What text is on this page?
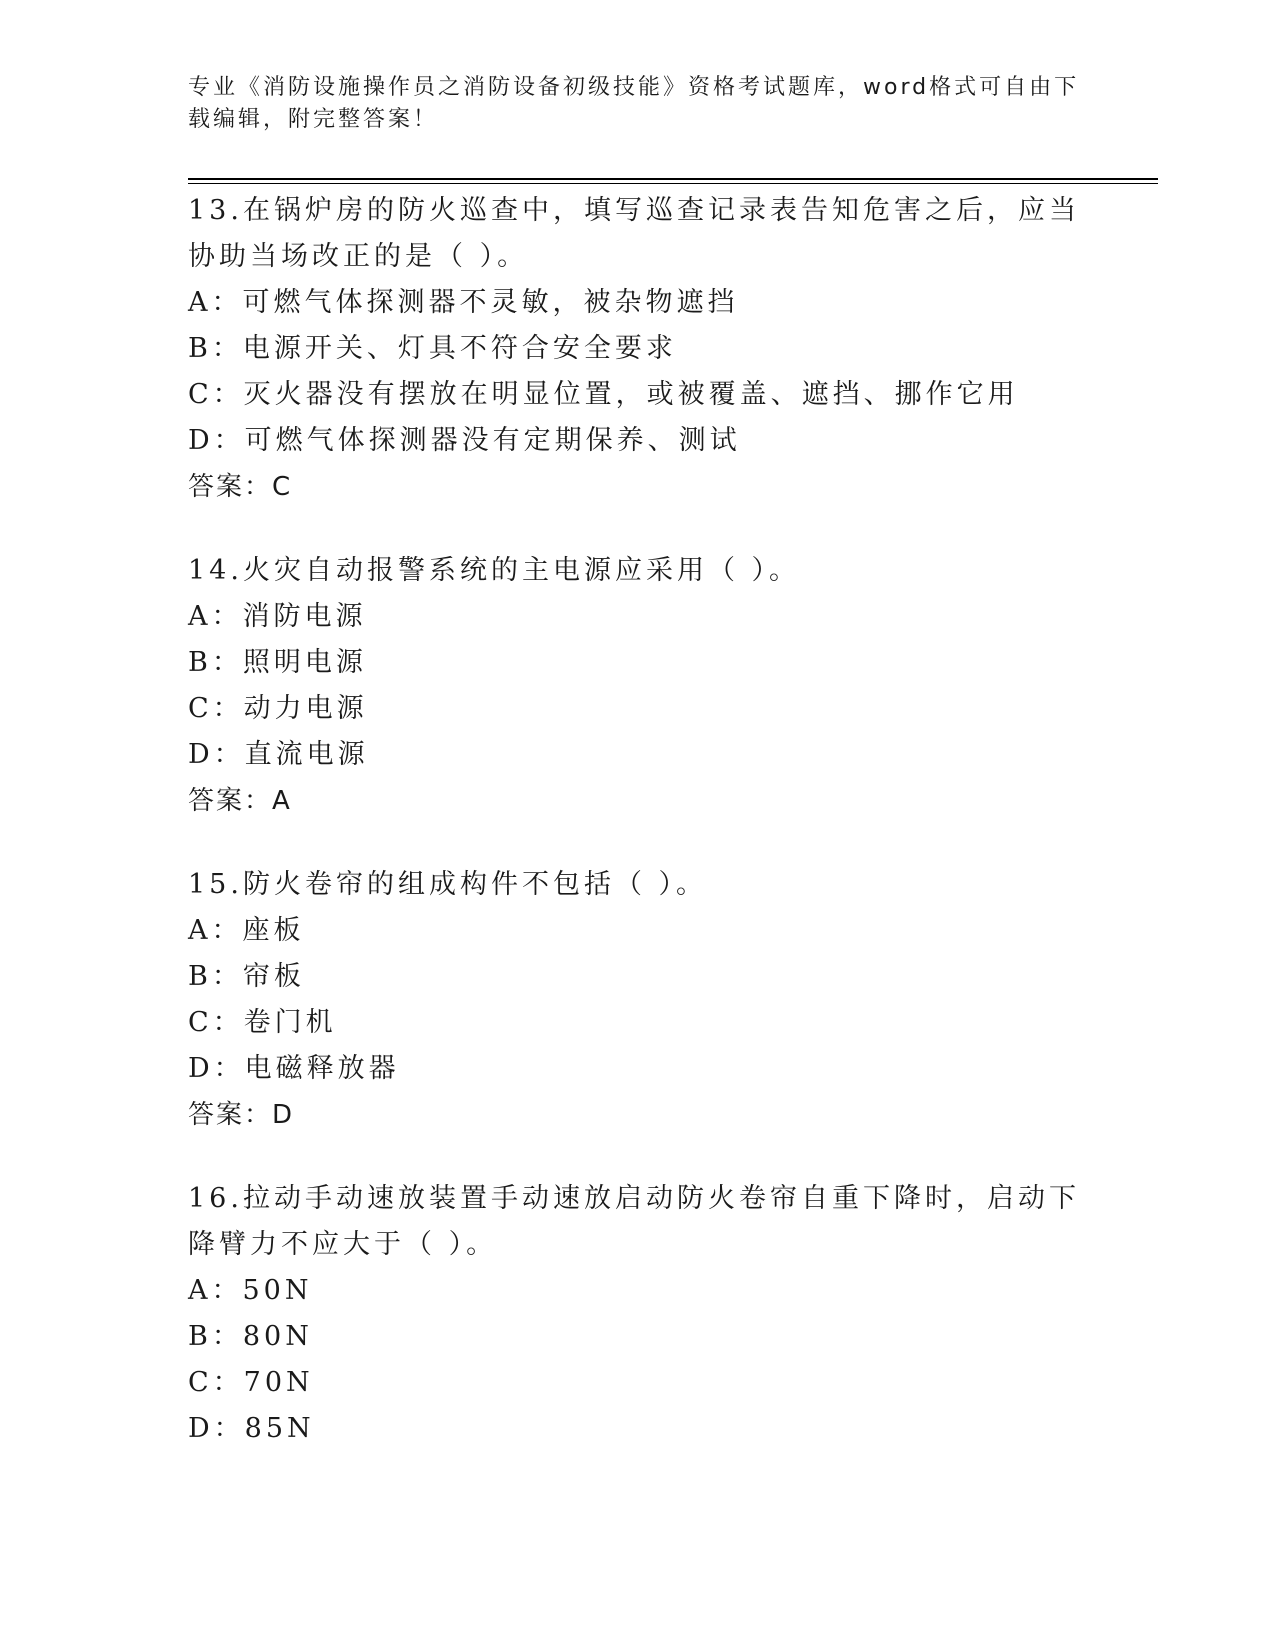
专业《消防设施操作员之消防设备初级技能》资格考试题库，word格式可自由下载编辑，附完整答案！

13.在锅炉房的防火巡查中，填写巡查记录表告知危害之后，应当协助当场改正的是（ ）。

A：可燃气体探测器不灵敏，被杂物遮挡

B：电源开关、灯具不符合安全要求

C：灭火器没有摆放在明显位置，或被覆盖、遮挡、挪作它用

D：可燃气体探测器没有定期保养、测试

答案：C

14.火灾自动报警系统的主电源应采用（ ）。

A：消防电源

B：照明电源

C：动力电源

D：直流电源

答案：A

15.防火卷帘的组成构件不包括（ ）。

A：座板

B：帘板

C：卷门机

D：电磁释放器

答案：D

16.拉动手动速放装置手动速放启动防火卷帘自重下降时，启动下降臂力不应大于（ ）。

A：50N

B：80N

C：70N

D：85N
